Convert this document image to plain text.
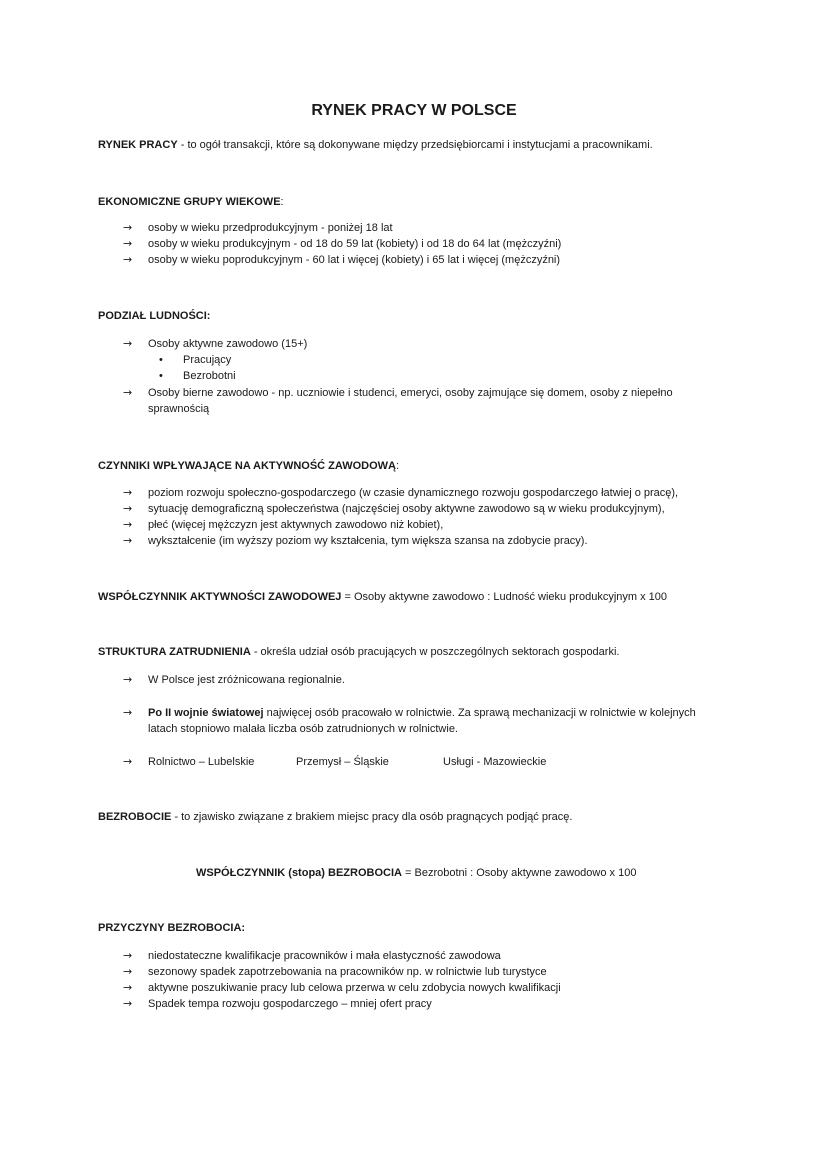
RYNEK PRACY W POLSCE
RYNEK PRACY - to ogół transakcji, które są dokonywane między przedsiębiorcami i instytucjami a pracownikami.
EKONOMICZNE GRUPY WIEKOWE:
→ osoby w wieku przedprodukcyjnym - poniżej 18 lat
→ osoby w wieku produkcyjnym - od 18 do 59 lat (kobiety) i od 18 do 64 lat (mężczyźni)
→ osoby w wieku poprodukcyjnym - 60 lat i więcej (kobiety) i 65 lat i więcej (mężczyźni)
PODZIAŁ LUDNOŚCI:
→ Osoby aktywne zawodowo (15+)
• Pracujący
• Bezrobotni
→ Osoby bierne zawodowo - np. uczniowie i studenci, emeryci, osoby zajmujące się domem, osoby z niepełno
sprawnością
CZYNNIKI WPŁYWAJĄCE NA AKTYWNOŚĆ ZAWODOWĄ:
→ poziom rozwoju społeczno-gospodarczego (w czasie dynamicznego rozwoju gospodarczego łatwiej o pracę),
→ sytuację demograficzną społeczeństwa (najczęściej osoby aktywne zawodowo są w wieku produkcyjnym),
→ płeć (więcej mężczyzn jest aktywnych zawodowo niż kobiet),
→ wykształcenie (im wyższy poziom wy kształcenia, tym większa szansa na zdobycie pracy).
WSPÓŁCZYNNIK AKTYWNOŚCI ZAWODOWEJ = Osoby aktywne zawodowo : Ludność wieku produkcyjnym x 100
STRUKTURA ZATRUDNIENIA - określa udział osób pracujących w poszczególnych sektorach gospodarki.
→ W Polsce jest zróżnicowana regionalnie.
→ Po II wojnie światowej najwięcej osób pracowało w rolnictwie. Za sprawą mechanizacji w rolnictwie w kolejnych
latach stopniowo malała liczba osób zatrudnionych w rolnictwie.
→ Rolnictwo – Lubelskie	Przemysł – Śląskie	Usługi - Mazowieckie
BEZROBOCIE - to zjawisko związane z brakiem miejsc pracy dla osób pragnących podjąć pracę.
WSPÓŁCZYNNIK (stopa) BEZROBOCIA = Bezrobotni : Osoby aktywne zawodowo x 100
PRZYCZYNY BEZROBOCIA:
→ niedostateczne kwalifikacje pracowników i mała elastyczność zawodowa
→ sezonowy spadek zapotrzebowania na pracowników np. w rolnictwie lub turystyce
→ aktywne poszukiwanie pracy lub celowa przerwa w celu zdobycia nowych kwalifikacji
→ Spadek tempa rozwoju gospodarczego – mniej ofert pracy
